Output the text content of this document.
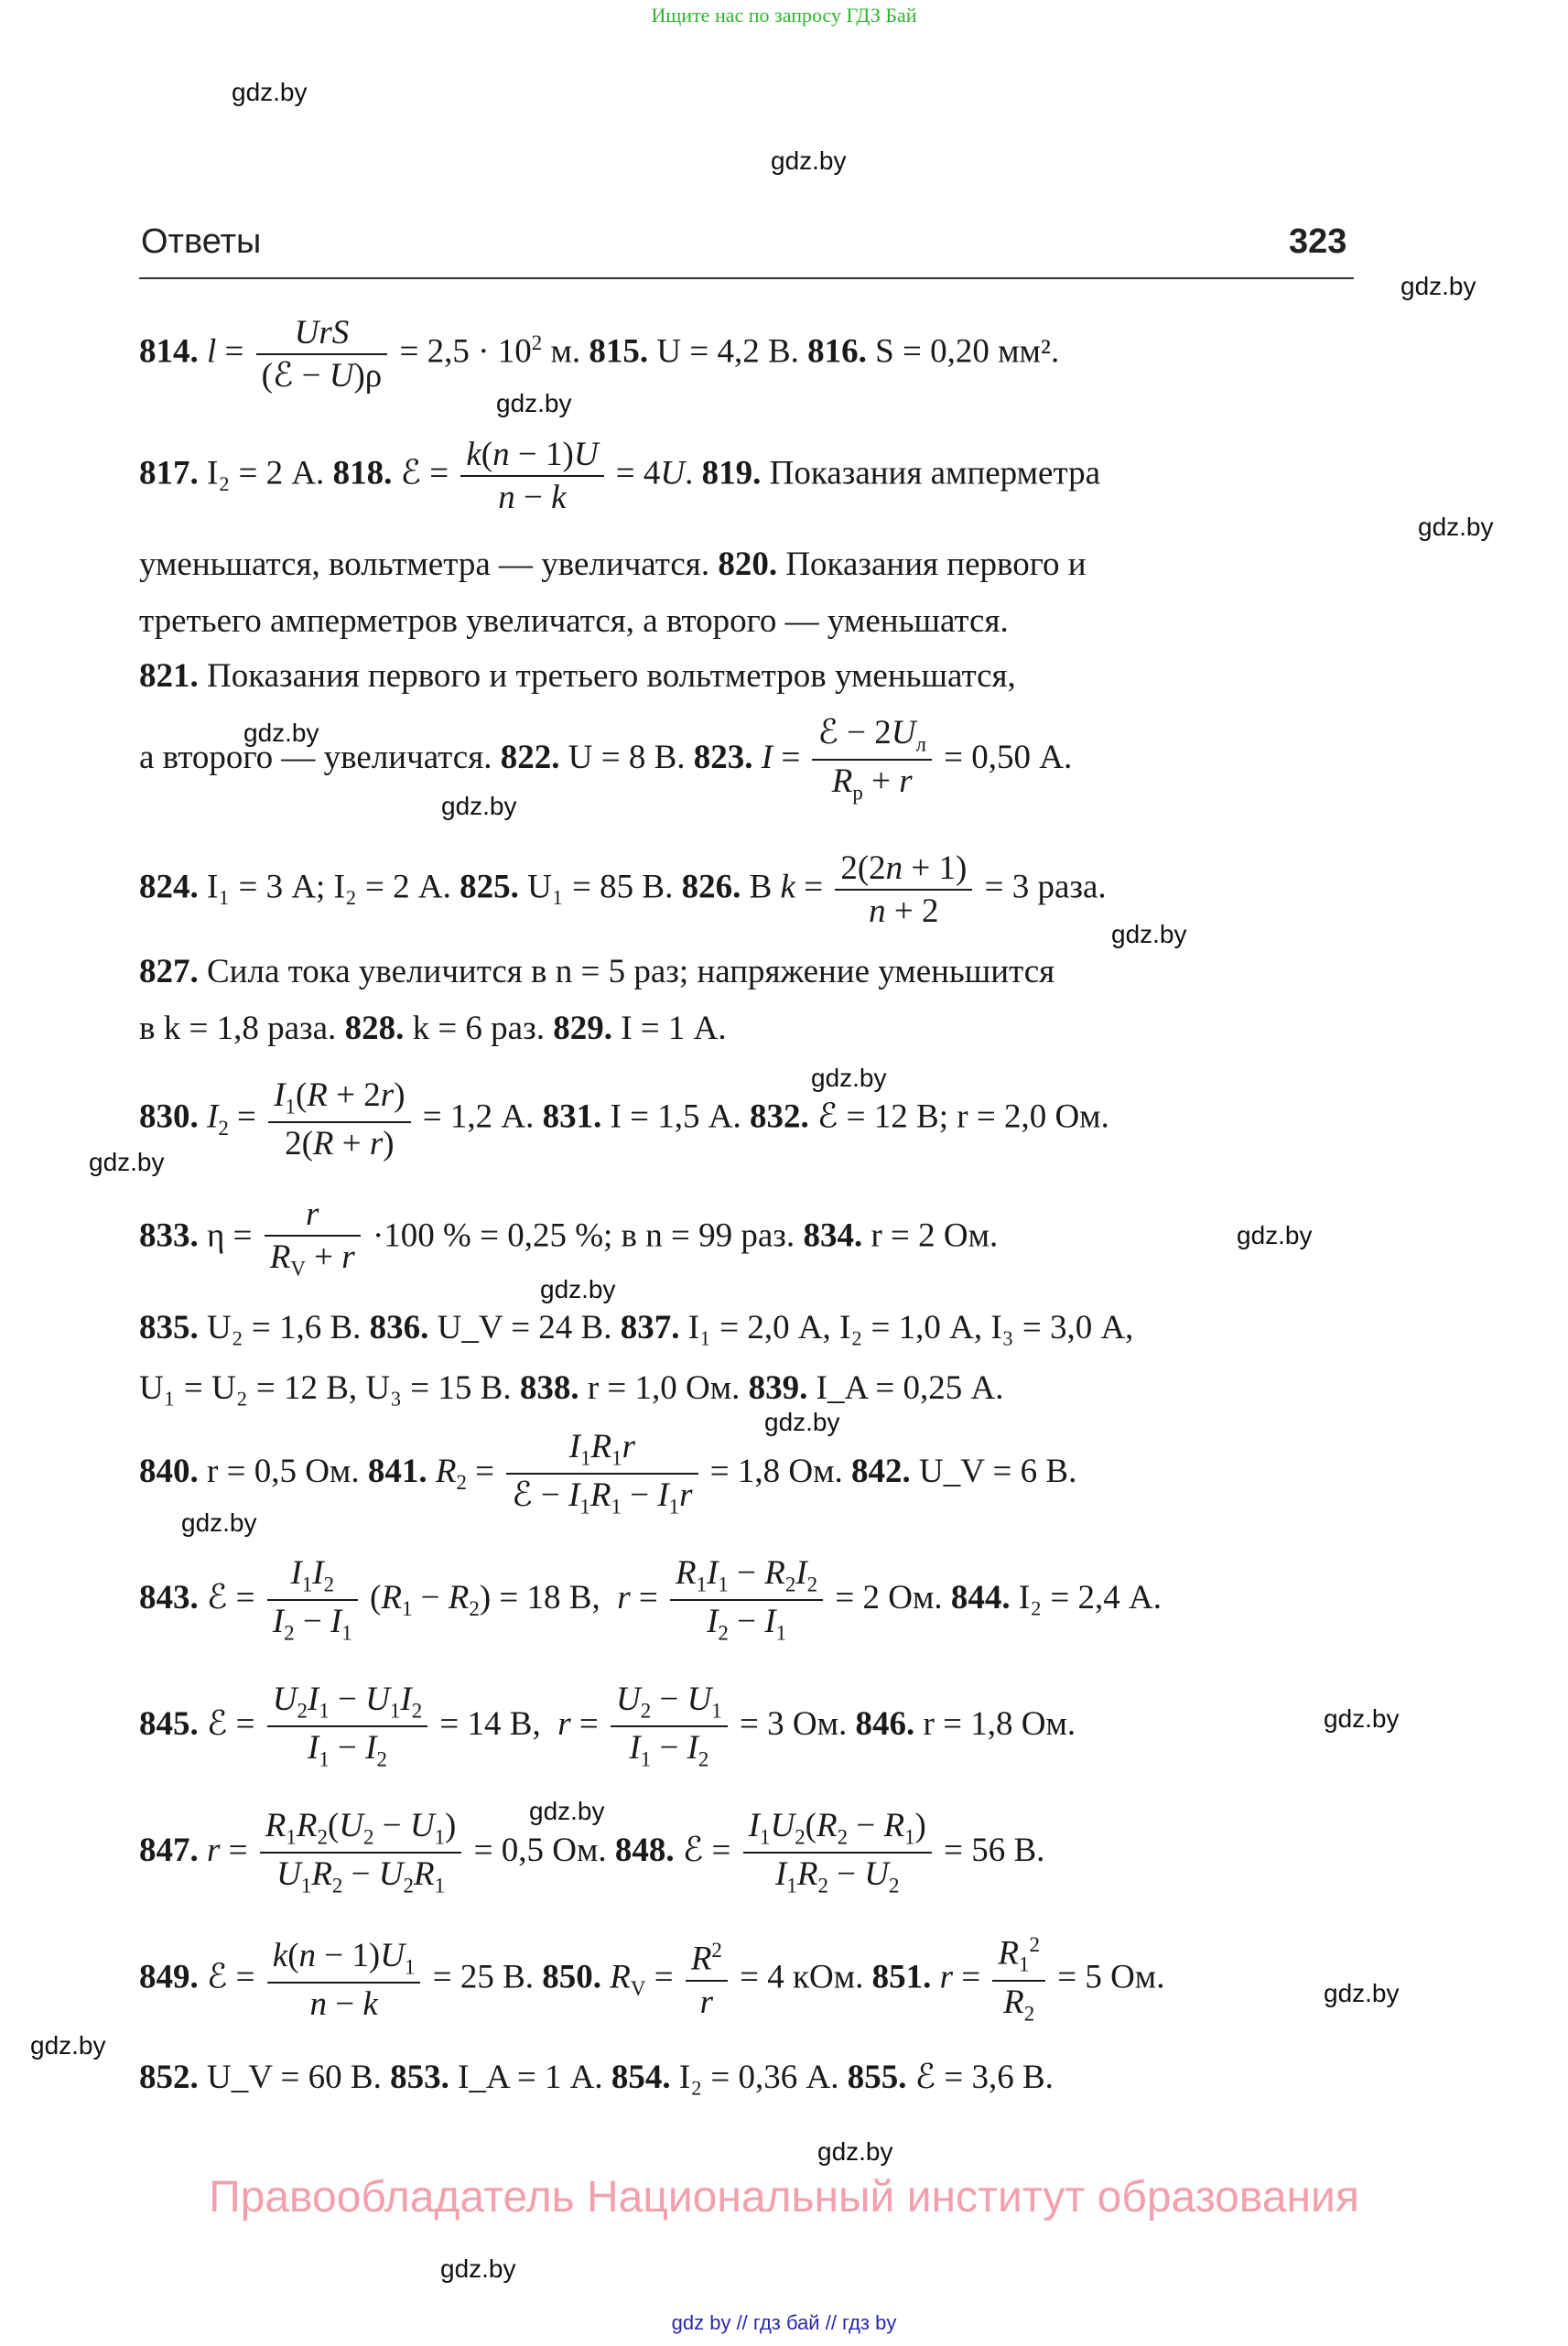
Ищите нас по запросу ГДЗ Бай
gdz.by
gdz.by
gdz.by
gdz.by
gdz.by
gdz.by
gdz.by
gdz.by
gdz.by
gdz.by
gdz.by
gdz.by
gdz.by
gdz.by
gdz.by
gdz.by
gdz.by
gdz.by
gdz.by
gdz.by
Ответы	323
814. $l = \frac{\text{UrS}}{\text{(ℰ − U)ρ}} = 2,5 \cdot 10^2$ м. 815. U = 4,2 В. 816. S = 0,20 мм².
817. I₂ = 2 А. 818. ℰ = $\frac{k(n - 1)U}{n - k} = 4U$. 819. Показания амперметра
уменьшатся, вольтметра — увеличатся. 820. Показания первого и
третьего амперметров увеличатся, а второго — уменьшатся.
821. Показания первого и третьего вольтметров уменьшатся,
а второго — увеличатся. 822. U = 8 В. 823. $I = \frac{ℰ - 2U_л}{R_p + r} = 0,50$ А.
824. I₁ = 3 А; I₂ = 2 А. 825. U₁ = 85 В. 826. В $k = \frac{2(2n + 1)}{n + 2} = 3$ раза.
827. Сила тока увеличится в n = 5 раз; напряжение уменьшится
в k = 1,8 раза. 828. k = 6 раз. 829. I = 1 А.
830. $I_2 = \frac{I_1(R + 2r)}{2(R + r)} = 1,2$ А. 831. I = 1,5 А. 832. ℰ = 12 В; r = 2,0 Ом.
833. $\eta = \frac{r}{R_V + r} \cdot 100$ % = 0,25 %; в n = 99 раз. 834. r = 2 Ом.
835. U₂ = 1,6 В. 836. U_V = 24 В. 837. I₁ = 2,0 А, I₂ = 1,0 А, I₃ = 3,0 А,
U₁ = U₂ = 12 В, U₃ = 15 В. 838. r = 1,0 Ом. 839. I_A = 0,25 А.
840. r = 0,5 Ом. 841. $R_2 = \frac{I_1R_1r}{ℰ - I_1R_1 - I_1r} = 1,8$ Ом. 842. U_V = 6 В.
843. ℰ = $\frac{I_1I_2}{I_2 - I_1} (R_1 - R_2) = 18$ В,  $r = \frac{R_1I_1 - R_2I_2}{I_2 - I_1} = 2$ Ом. 844. I₂ = 2,4 А.
845. ℰ = $\frac{U_2I_1 - U_1I_2}{I_1 - I_2} = 14$ В,  $r = \frac{U_2 - U_1}{I_1 - I_2} = 3$ Ом. 846. r = 1,8 Ом.
847. $r = \frac{R_1R_2(U_2 - U_1)}{U_1R_2 - U_2R_1} = 0,5$ Ом. 848. ℰ = $\frac{I_1U_2(R_2 - R_1)}{I_1R_2 - U_2} = 56$ В.
849. ℰ = $\frac{k(n - 1)U_1}{n - k} = 25$ В. 850. $R_V = \frac{R^2}{r} = 4$ кОм. 851. $r = \frac{R_1^2}{R_2} = 5$ Ом.
852. U_V = 60 В. 853. I_A = 1 А. 854. I₂ = 0,36 А. 855. ℰ = 3,6 В.
Правообладатель Национальный институт образования
gdz by // гдз бай // гдз by
